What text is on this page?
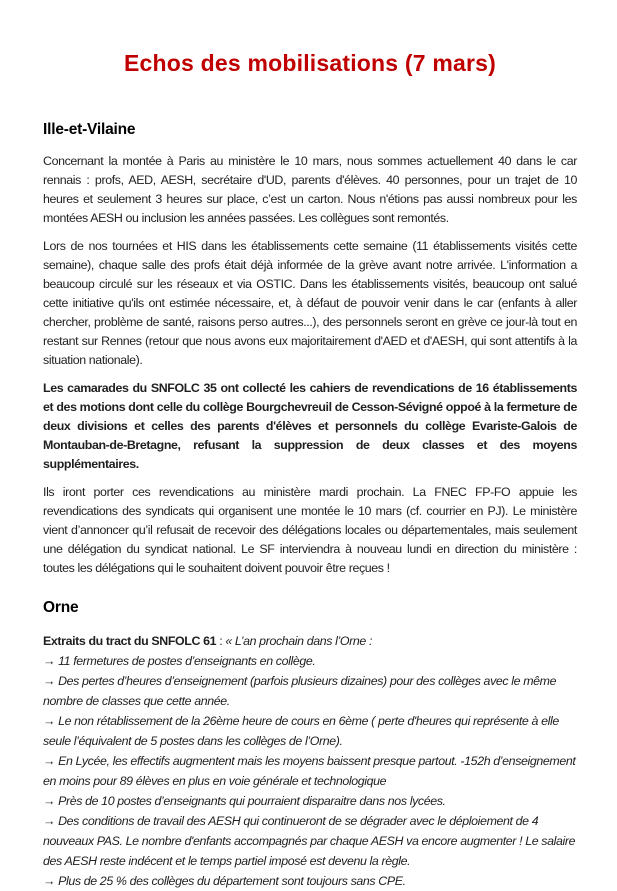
Echos des mobilisations (7 mars)
Ille-et-Vilaine

Concernant la montée à Paris au ministère le 10 mars, nous sommes actuellement 40 dans le car rennais : profs, AED, AESH, secrétaire d'UD, parents d'élèves. 40 personnes, pour un trajet de 10 heures et seulement 3 heures sur place, c’est un carton. Nous n'étions pas aussi nombreux pour les montées AESH ou inclusion les années passées. Les collègues sont remontés.

Lors de nos tournées et HIS dans les établissements cette semaine (11 établissements visités cette semaine), chaque salle des profs était déjà informée de la grève avant notre arrivée. L'information a beaucoup circulé sur les réseaux et via OSTIC. Dans les établissements visités, beaucoup ont salué cette initiative qu'ils ont estimée nécessaire, et, à défaut de pouvoir venir dans le car (enfants à aller chercher, problème de santé, raisons perso autres...), des personnels seront en grève ce jour-là tout en restant sur Rennes (retour que nous avons eux majoritairement d'AED et d'AESH, qui sont attentifs à la situation nationale).

Les camarades du SNFOLC 35 ont collecté les cahiers de revendications de 16 établissements et des motions dont celle du collège Bourgchevreuil de Cesson-Sévigné oppoé à la fermeture de deux divisions et celles des parents d'élèves et personnels du collège Evariste-Galois de Montauban-de-Bretagne, refusant la suppression de deux classes et des moyens supplémentaires.

Ils iront porter ces revendications au ministère mardi prochain. La FNEC FP-FO appuie les revendications des syndicats qui organisent une montée le 10 mars (cf. courrier en PJ). Le ministère vient d’annoncer qu’il refusait de recevoir des délégations locales ou départementales, mais seulement une délégation du syndicat national. Le SF interviendra à nouveau lundi en direction du ministère : toutes les délégations qui le souhaitent doivent pouvoir être reçues !

Orne

Extraits du tract du SNFOLC 61 : « L’an prochain dans l’Orne :

→ 11 fermetures de postes d’enseignants en collège.
→ Des pertes d’heures d’enseignement (parfois plusieurs dizaines) pour des collèges avec le même nombre de classes que cette année.
→ Le non rétablissement de la 26ème heure de cours en 6ème ( perte d'heures qui représente à elle seule l’équivalent de 5 postes dans les collèges de l’Orne).
→ En Lycée, les effectifs augmentent mais les moyens baissent presque partout. -152h d’enseignement en moins pour 89 élèves en plus en voie générale et technologique
→ Près de 10 postes d’enseignants qui pourraient disparaitre dans nos lycées.
→ Des conditions de travail des AESH qui continueront de se dégrader avec le déploiement de 4 nouveaux PAS. Le nombre d'enfants accompagnés par chaque AESH va encore augmenter ! Le salaire des AESH reste indécent et le temps partiel imposé est devenu la règle.
→ Plus de 25 % des collèges du département sont toujours sans CPE.
